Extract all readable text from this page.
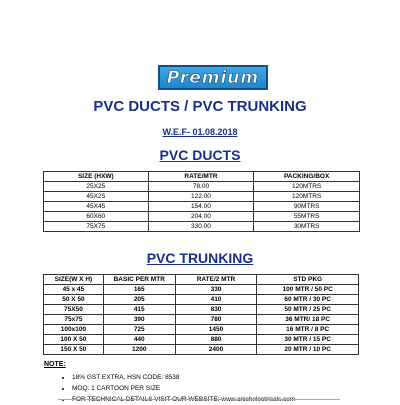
Premium
PVC DUCTS / PVC TRUNKING
W.E.F- 01.08.2018
PVC DUCTS
SIZE (HXW)	RATE/MTR	PACKING/BOX
25X25	78.00	120MTRS
45X25	122.00	120MTRS
45X45	154.00	90MTRS
60X60	204.00	55MTRS
75X75	330.00	30MTRS
PVC TRUNKING
SIZE(W X H)	BASIC PER MTR	RATE/2 MTR	STD PKG
45 x 45	165	330	100 MTR / 50 PC
50 X 50	205	410	60 MTR / 30 PC
75X50	415	830	50 MTR / 25 PC
75x75	390	780	36 MTR/ 18 PC
100x100	725	1450	16 MTR / 8 PC
100 X 50	440	880	30 MTR / 15 PC
150 X 50	1200	2400	20 MTR / 10 PC
NOTE:
• 18% GST EXTRA, HSN CODE: 8538
• MOQ: 1 CARTOON PER SIZE
•
